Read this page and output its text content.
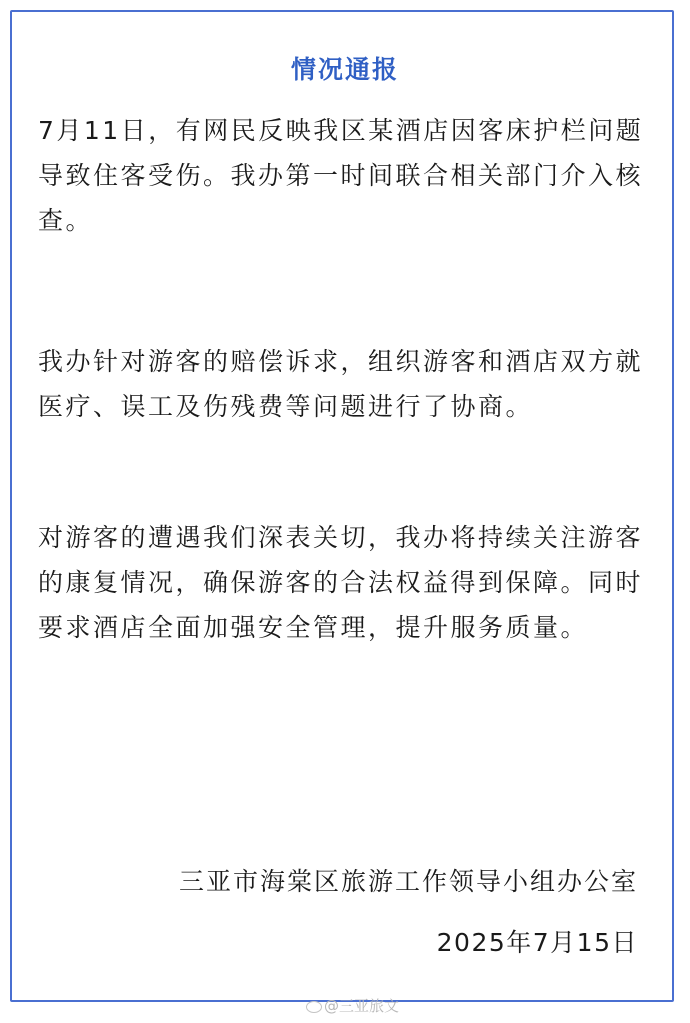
情况通报

7月11日，有网民反映我区某酒店因客床护栏问题导致住客受伤。我办第一时间联合相关部门介入核查。

我办针对游客的赔偿诉求，组织游客和酒店双方就医疗、误工及伤残费等问题进行了协商。

对游客的遭遇我们深表关切，我办将持续关注游客的康复情况，确保游客的合法权益得到保障。同时要求酒店全面加强安全管理，提升服务质量。

三亚市海棠区旅游工作领导小组办公室
2025年7月15日
@三亚旅文
